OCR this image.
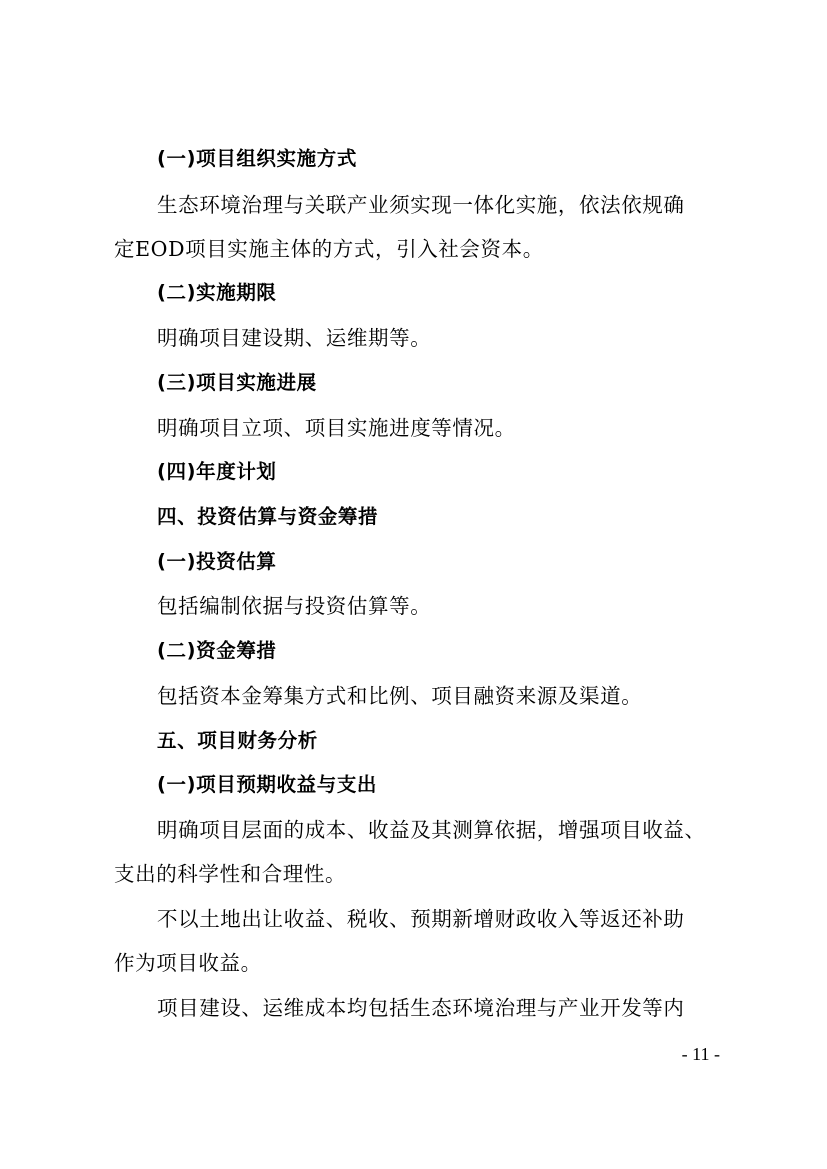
(一)项目组织实施方式
生态环境治理与关联产业须实现一体化实施，依法依规确
定EOD项目实施主体的方式，引入社会资本。
(二)实施期限
明确项目建设期、运维期等。
(三)项目实施进展
明确项目立项、项目实施进度等情况。
(四)年度计划
四、投资估算与资金筹措
(一)投资估算
包括编制依据与投资估算等。
(二)资金筹措
包括资本金筹集方式和比例、项目融资来源及渠道。
五、项目财务分析
(一)项目预期收益与支出
明确项目层面的成本、收益及其测算依据，增强项目收益、
支出的科学性和合理性。
不以土地出让收益、税收、预期新增财政收入等返还补助
作为项目收益。
项目建设、运维成本均包括生态环境治理与产业开发等内
- 11 -
